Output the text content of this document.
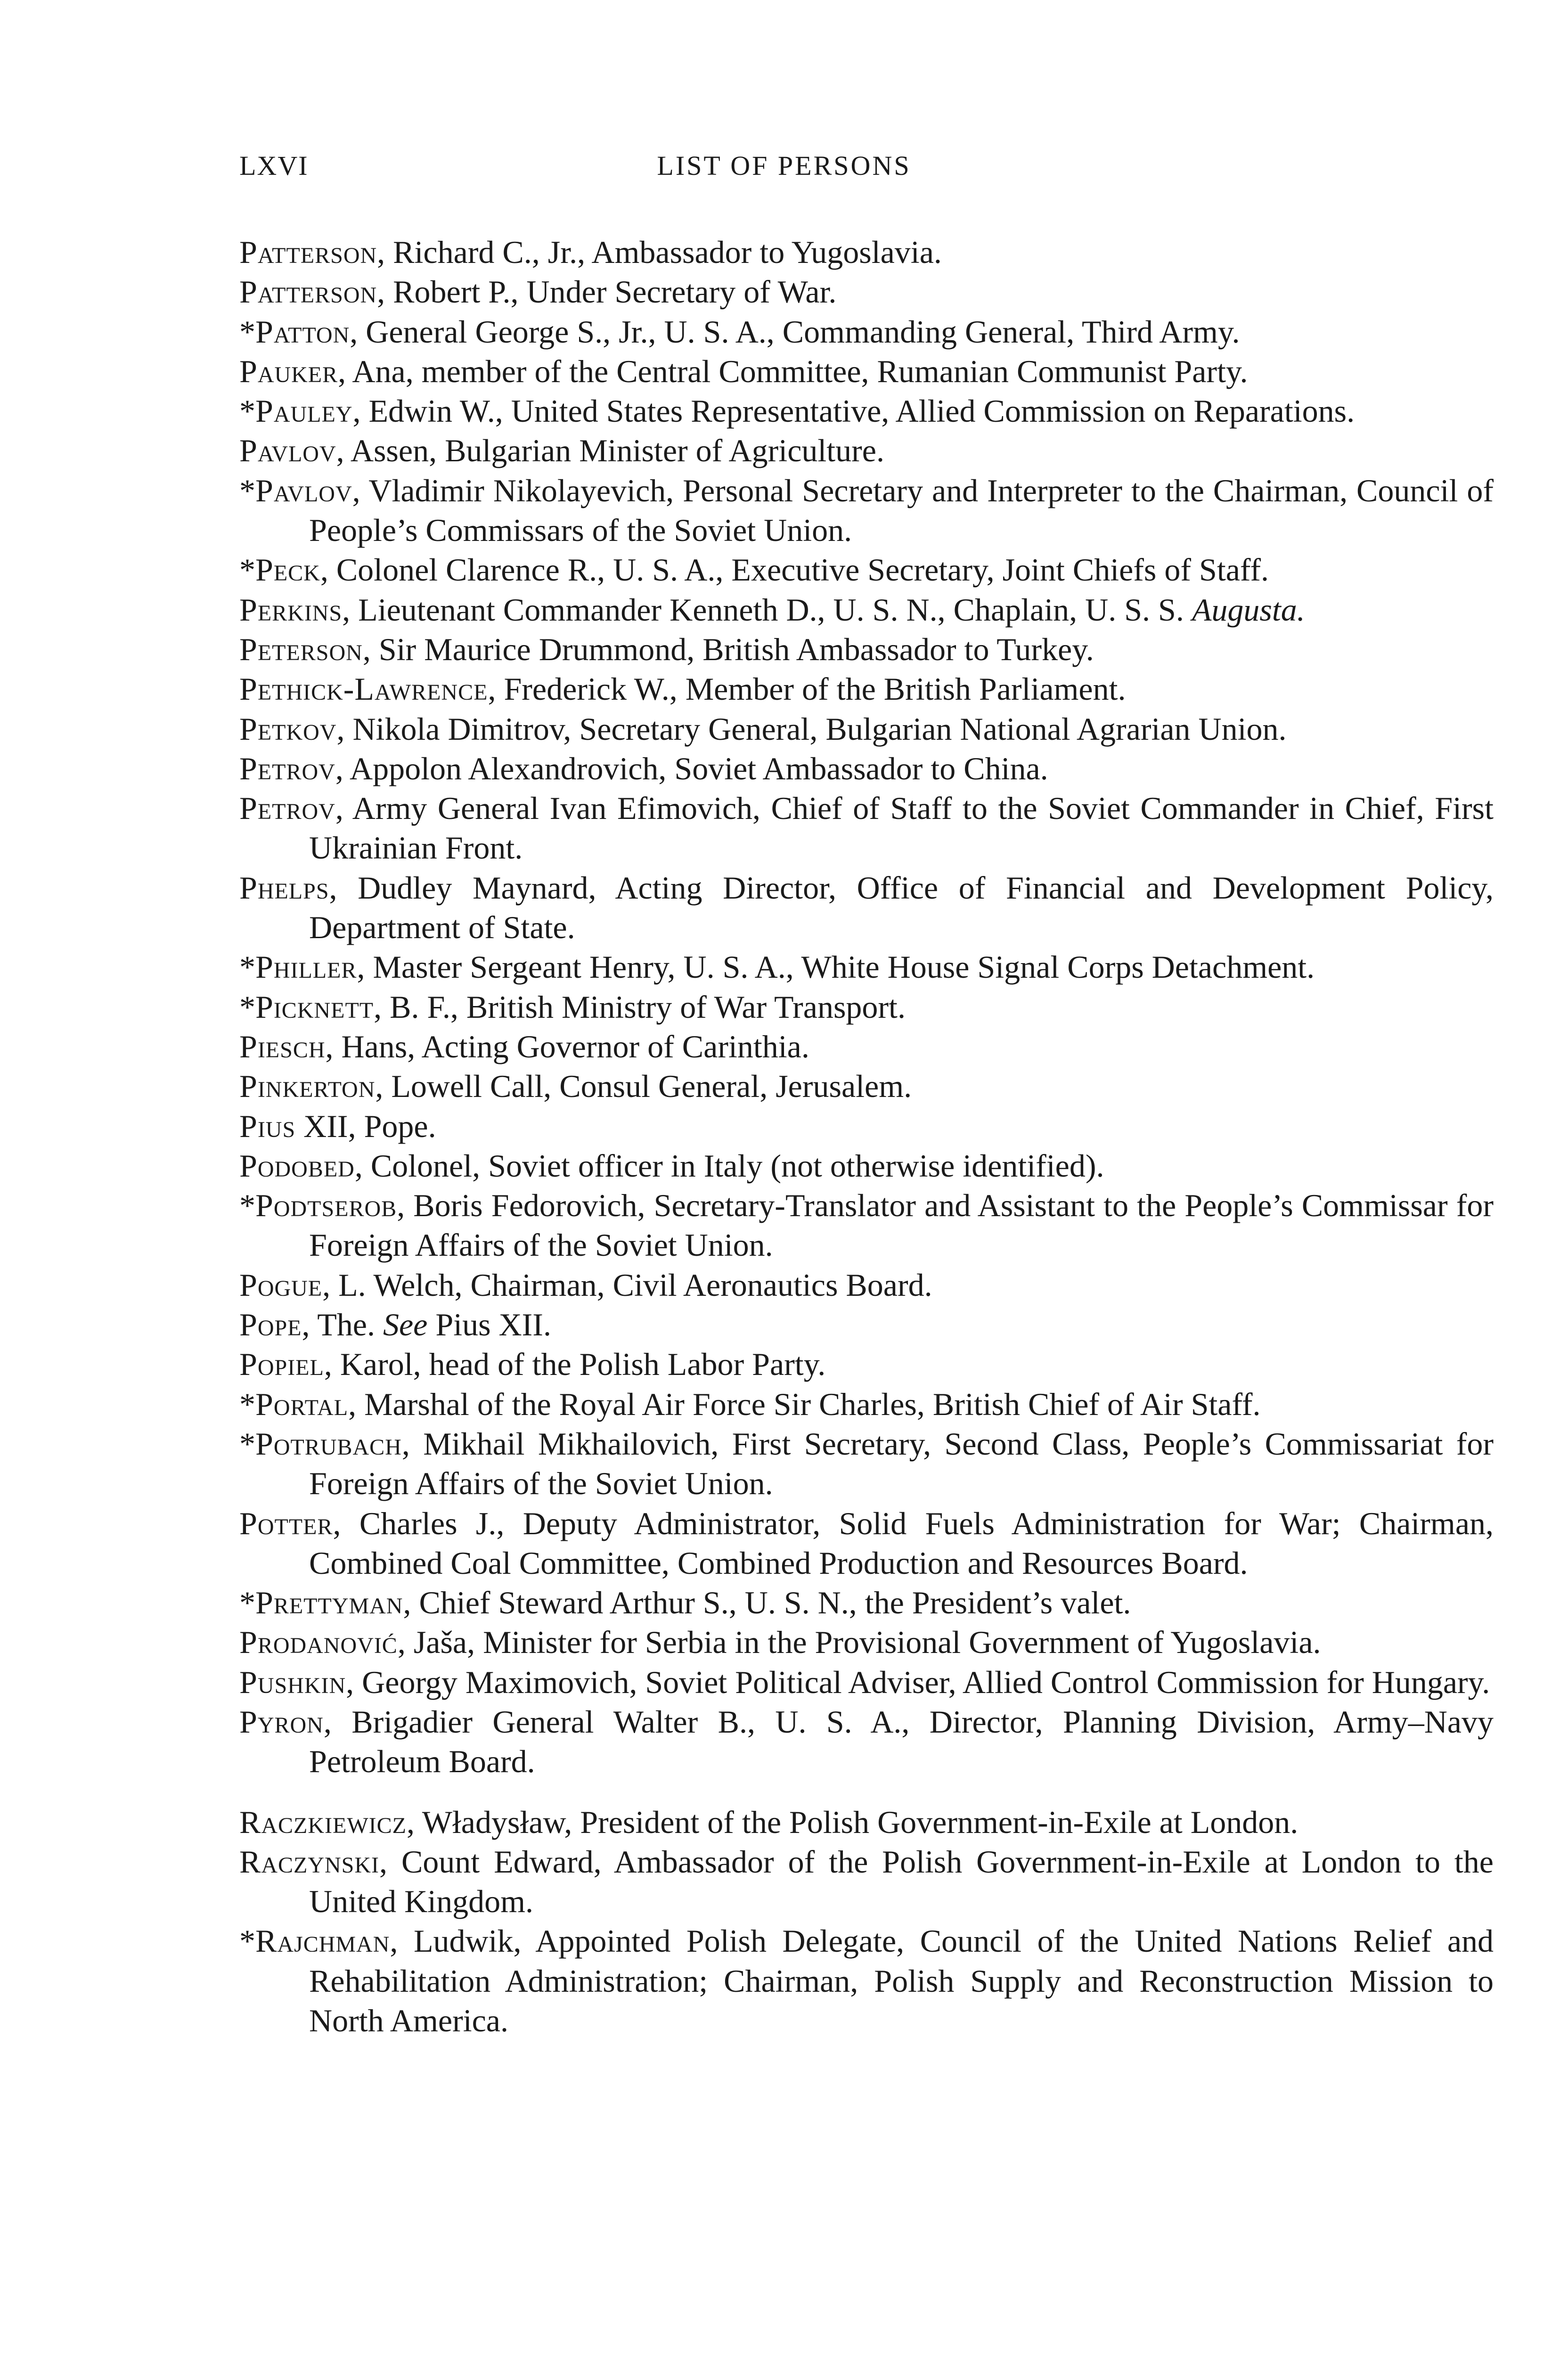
LXVI	LIST OF PERSONS

Patterson, Richard C., Jr., Ambassador to Yugoslavia.

Patterson, Robert P., Under Secretary of War.

*Patton, General George S., Jr., U. S. A., Commanding General, Third Army.

Pauker, Ana, member of the Central Committee, Rumanian Communist Party.

*Pauley, Edwin W., United States Representative, Allied Commission on Reparations.

Pavlov, Assen, Bulgarian Minister of Agriculture.

*Pavlov, Vladimir Nikolayevich, Personal Secretary and Interpreter to the Chairman, Council of People’s Commissars of the Soviet Union.

*Peck, Colonel Clarence R., U. S. A., Executive Secretary, Joint Chiefs of Staff.

Perkins, Lieutenant Commander Kenneth D., U. S. N., Chaplain, U. S. S. Augusta.

Peterson, Sir Maurice Drummond, British Ambassador to Turkey.

Pethick-Lawrence, Frederick W., Member of the British Parliament.

Petkov, Nikola Dimitrov, Secretary General, Bulgarian National Agrarian Union.

Petrov, Appolon Alexandrovich, Soviet Ambassador to China.

Petrov, Army General Ivan Efimovich, Chief of Staff to the Soviet Commander in Chief, First Ukrainian Front.

Phelps, Dudley Maynard, Acting Director, Office of Financial and Development Policy, Department of State.

*Philler, Master Sergeant Henry, U. S. A., White House Signal Corps Detachment.

*Picknett, B. F., British Ministry of War Transport.

Piesch, Hans, Acting Governor of Carinthia.

Pinkerton, Lowell Call, Consul General, Jerusalem.

Pius XII, Pope.

Podobed, Colonel, Soviet officer in Italy (not otherwise identified).

*Podtserob, Boris Fedorovich, Secretary-Translator and Assistant to the People’s Commissar for Foreign Affairs of the Soviet Union.

Pogue, L. Welch, Chairman, Civil Aeronautics Board.

Pope, The. See Pius XII.

Popiel, Karol, head of the Polish Labor Party.

*Portal, Marshal of the Royal Air Force Sir Charles, British Chief of Air Staff.

*Potrubach, Mikhail Mikhailovich, First Secretary, Second Class, People’s Commissariat for Foreign Affairs of the Soviet Union.

Potter, Charles J., Deputy Administrator, Solid Fuels Administration for War; Chairman, Combined Coal Committee, Combined Production and Resources Board.

*Prettyman, Chief Steward Arthur S., U. S. N., the President’s valet.

Prodanović, Jaša, Minister for Serbia in the Provisional Government of Yugoslavia.

Pushkin, Georgy Maximovich, Soviet Political Adviser, Allied Control Commission for Hungary.

Pyron, Brigadier General Walter B., U. S. A., Director, Planning Division, Army–Navy Petroleum Board.

Raczkiewicz, Władysław, President of the Polish Government-in-Exile at London.

Raczynski, Count Edward, Ambassador of the Polish Government-in-Exile at London to the United Kingdom.

*Rajchman, Ludwik, Appointed Polish Delegate, Council of the United Nations Relief and Rehabilitation Administration; Chairman, Polish Supply and Reconstruction Mission to North America.
